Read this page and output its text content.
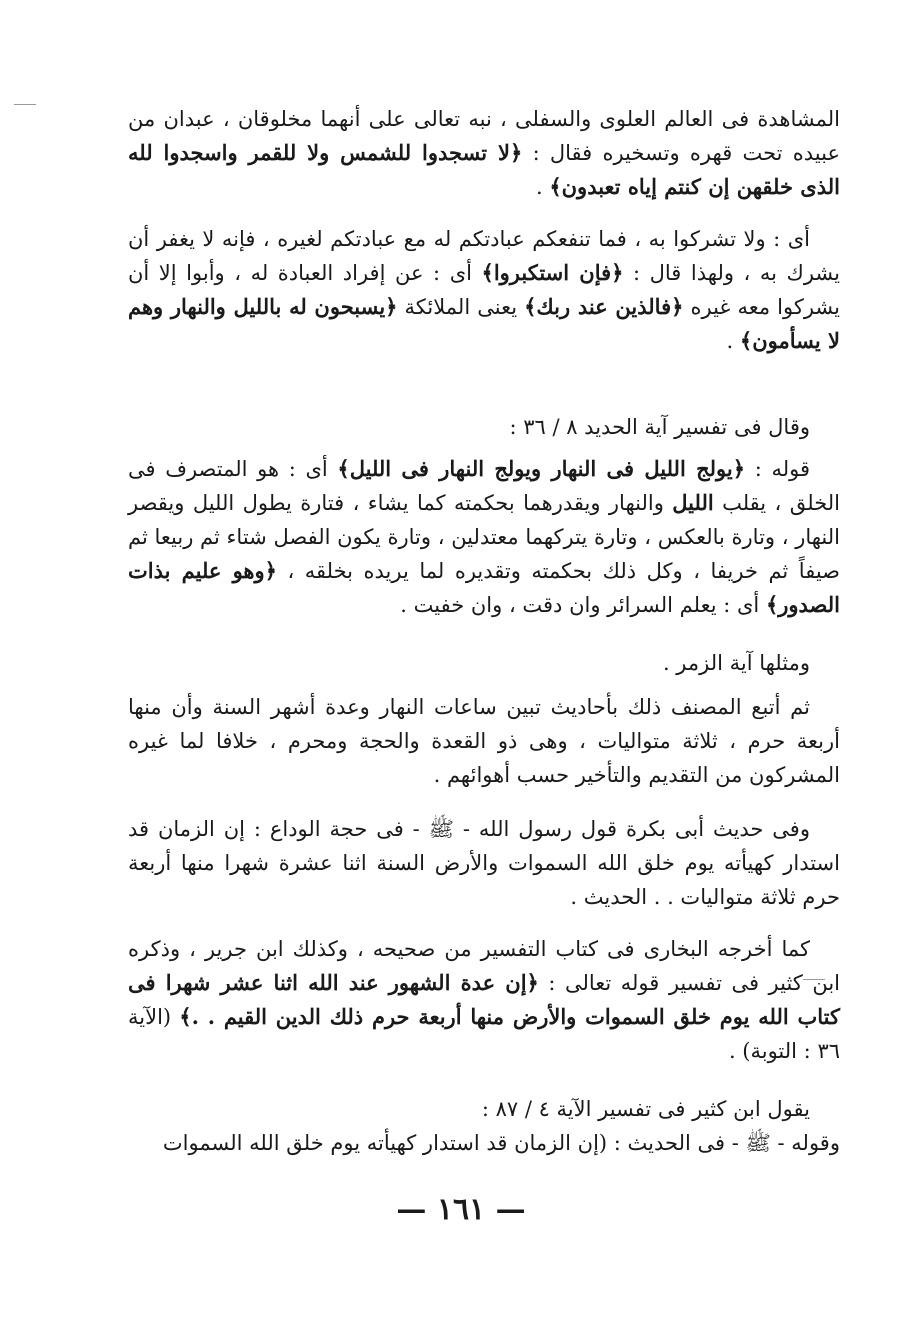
المشاهدة فى العالم العلوى والسفلى ، نبه تعالى على أنهما مخلوقان ، عبدان من عبيده تحت قهره وتسخيره فقال : ﴿لا تسجدوا للشمس ولا للقمر واسجدوا لله الذى خلقهن إن كنتم إياه تعبدون﴾ .

أى : ولا تشركوا به ، فما تنفعكم عبادتكم له مع عبادتكم لغيره ، فإنه لا يغفر أن يشرك به ، ولهذا قال : ﴿فإن استكبروا﴾ أى : عن إفراد العبادة له ، وأبوا إلا أن يشركوا معه غيره ﴿فالذين عند ربك﴾ يعنى الملائكة ﴿يسبحون له بالليل والنهار وهم لا يسأمون﴾ .

وقال فى تفسير آية الحديد ٨ / ٣٦ :

قوله : ﴿يولج الليل فى النهار ويولج النهار فى الليل﴾ أى : هو المتصرف فى الخلق ، يقلب الليل والنهار ويقدرهما بحكمته كما يشاء ، فتارة يطول الليل ويقصر النهار ، وتارة بالعكس ، وتارة يتركهما معتدلين ، وتارة يكون الفصل شتاء ثم ربيعا ثم صيفاً ثم خريفا ، وكل ذلك بحكمته وتقديره لما يريده بخلقه ، ﴿وهو عليم بذات الصدور﴾ أى : يعلم السرائر وان دقت ، وان خفيت .

ومثلها آية الزمر .

ثم أتبع المصنف ذلك بأحاديث تبين ساعات النهار وعدة أشهر السنة وأن منها أربعة حرم ، ثلاثة متواليات ، وهى ذو القعدة والحجة ومحرم ، خلافا لما غيره المشركون من التقديم والتأخير حسب أهوائهم .

وفى حديث أبى بكرة قول رسول الله - ﷺ - فى حجة الوداع : إن الزمان قد استدار كهيأته يوم خلق الله السموات والأرض السنة اثنا عشرة شهرا منها أربعة حرم ثلاثة متواليات . . الحديث .

كما أخرجه البخارى فى كتاب التفسير من صحيحه ، وكذلك ابن جرير ، وذكره ابن كثير فى تفسير قوله تعالى : ﴿إن عدة الشهور عند الله اثنا عشر شهرا فى كتاب الله يوم خلق السموات والأرض منها أربعة حرم ذلك الدين القيم . .﴾ (الآية ٣٦ : التوبة) .

يقول ابن كثير فى تفسير الآية ٤ / ٨٧ :

وقوله - ﷺ - فى الحديث : (إن الزمان قد استدار كهيأته يوم خلق الله السموات

— ١٦١ —
